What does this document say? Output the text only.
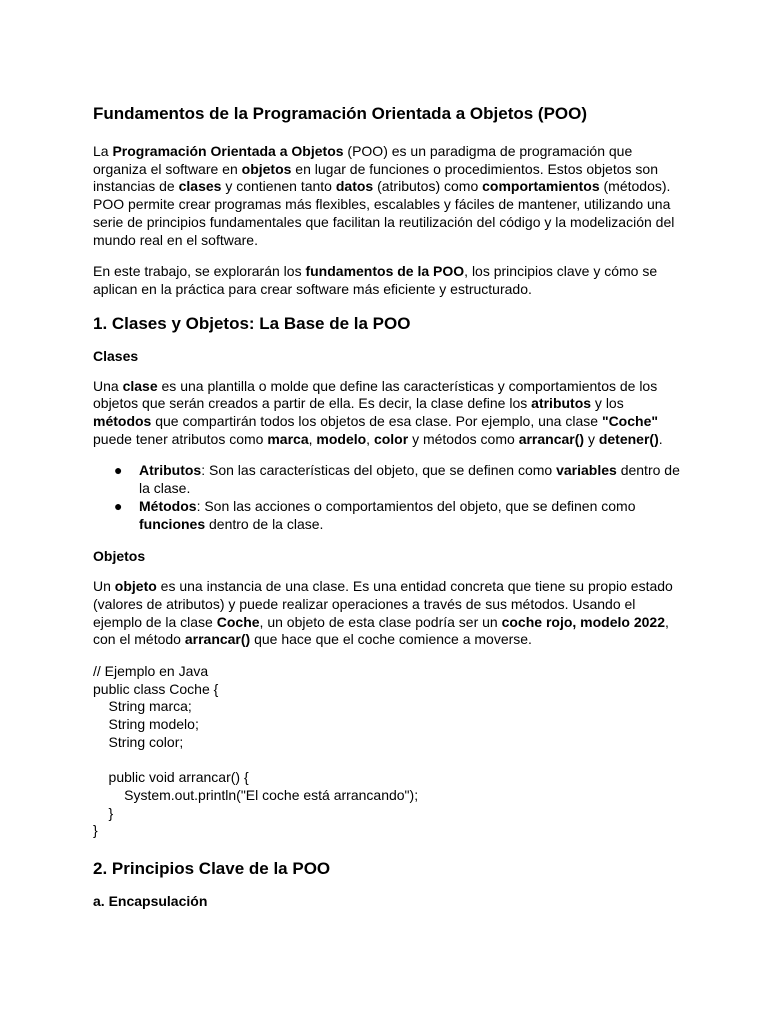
Fundamentos de la Programación Orientada a Objetos (POO)

La Programación Orientada a Objetos (POO) es un paradigma de programación que organiza el software en objetos en lugar de funciones o procedimientos. Estos objetos son instancias de clases y contienen tanto datos (atributos) como comportamientos (métodos). POO permite crear programas más flexibles, escalables y fáciles de mantener, utilizando una serie de principios fundamentales que facilitan la reutilización del código y la modelización del mundo real en el software.

En este trabajo, se explorarán los fundamentos de la POO, los principios clave y cómo se aplican en la práctica para crear software más eficiente y estructurado.

1. Clases y Objetos: La Base de la POO
Clases

Una clase es una plantilla o molde que define las características y comportamientos de los objetos que serán creados a partir de ella. Es decir, la clase define los atributos y los métodos que compartirán todos los objetos de esa clase. Por ejemplo, una clase "Coche" puede tener atributos como marca, modelo, color y métodos como arrancar() y detener().

● Atributos: Son las características del objeto, que se definen como variables dentro de la clase.
● Métodos: Son las acciones o comportamientos del objeto, que se definen como funciones dentro de la clase.
Objetos

Un objeto es una instancia de una clase. Es una entidad concreta que tiene su propio estado (valores de atributos) y puede realizar operaciones a través de sus métodos. Usando el ejemplo de la clase Coche, un objeto de esta clase podría ser un coche rojo, modelo 2022, con el método arrancar() que hace que el coche comience a moverse.

// Ejemplo en Java
public class Coche {
String marca;
String modelo;
String color;
public void arrancar() {
System.out.println("El coche está arrancando");
}
}
2. Principios Clave de la POO
a. Encapsulación
